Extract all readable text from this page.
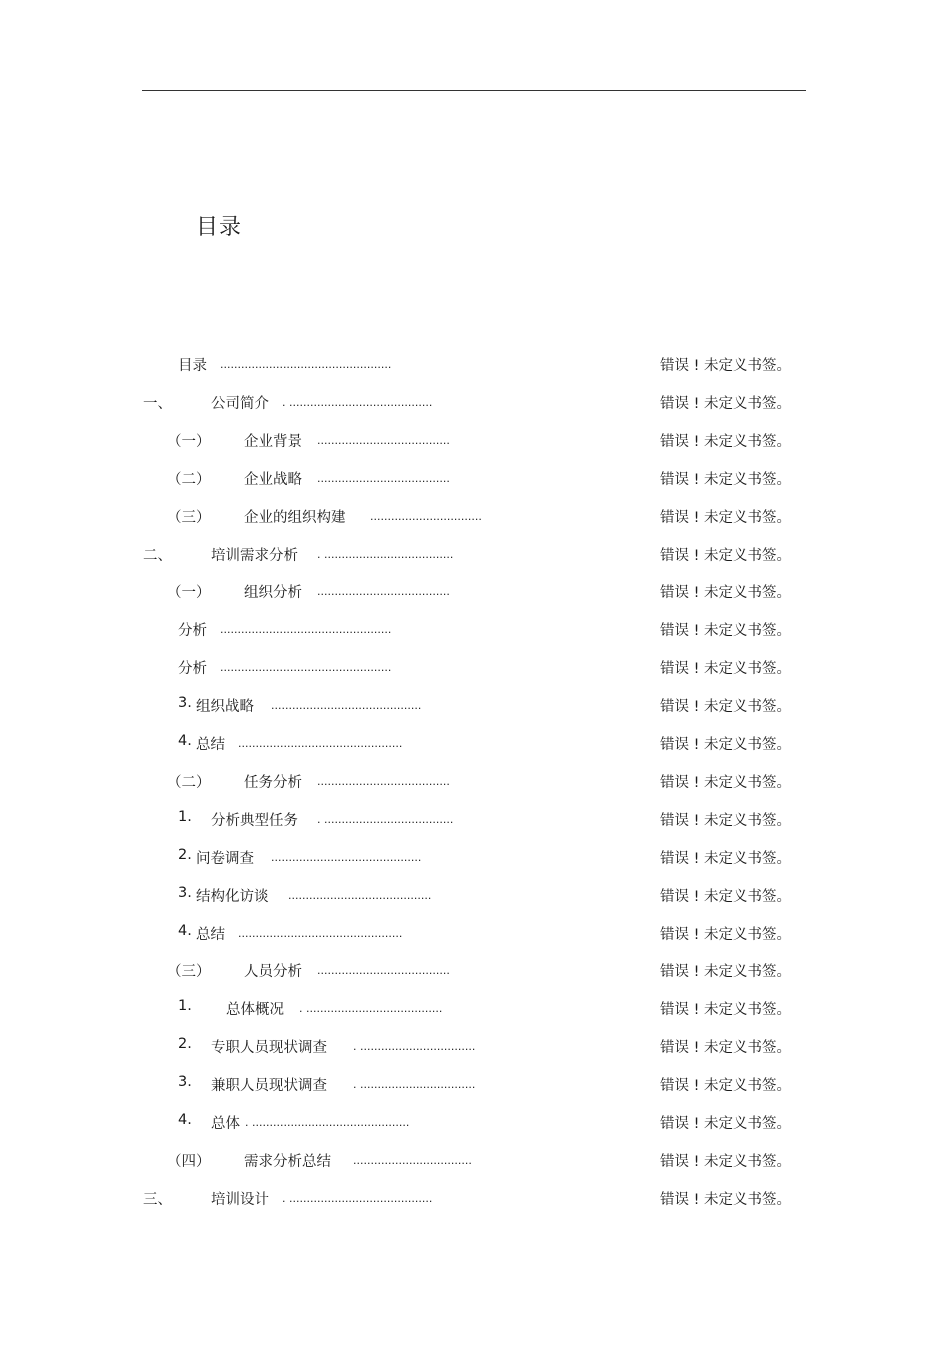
目录
目录 .................................................	错误 ! 未定义书签。
一、	公司简介 . .........................................	错误 ! 未定义书签。
（一） 企业背景 ......................................	错误 ! 未定义书签。
（二） 企业战略 ......................................	错误 ! 未定义书签。
（三） 企业的组织构建 ................................	错误 ! 未定义书签。
二、	培训需求分析 . .....................................	错误 ! 未定义书签。
（一） 组织分析 ......................................	错误 ! 未定义书签。
分析 .................................................	错误 ! 未定义书签。
分析 .................................................	错误 ! 未定义书签。
3. 组织战略 ...........................................	错误 ! 未定义书签。
4. 总结 ...............................................	错误 ! 未定义书签。
（二） 任务分析 ......................................	错误 ! 未定义书签。
1. 分析典型任务 . .....................................	错误 ! 未定义书签。
2. 问卷调查 ...........................................	错误 ! 未定义书签。
3. 结构化访谈 .........................................	错误 ! 未定义书签。
4. 总结 ...............................................	错误 ! 未定义书签。
（三） 人员分析 ......................................	错误 ! 未定义书签。
1. 总体概况 . .......................................	错误 ! 未定义书签。
2. 专职人员现状调查 . .................................	错误 ! 未定义书签。
3. 兼职人员现状调查 . .................................	错误 ! 未定义书签。
4. 总体 . .............................................	错误 ! 未定义书签。
（四） 需求分析总结 ..................................	错误 ! 未定义书签。
三、	培训设计 . .........................................	错误 ! 未定义书签。
